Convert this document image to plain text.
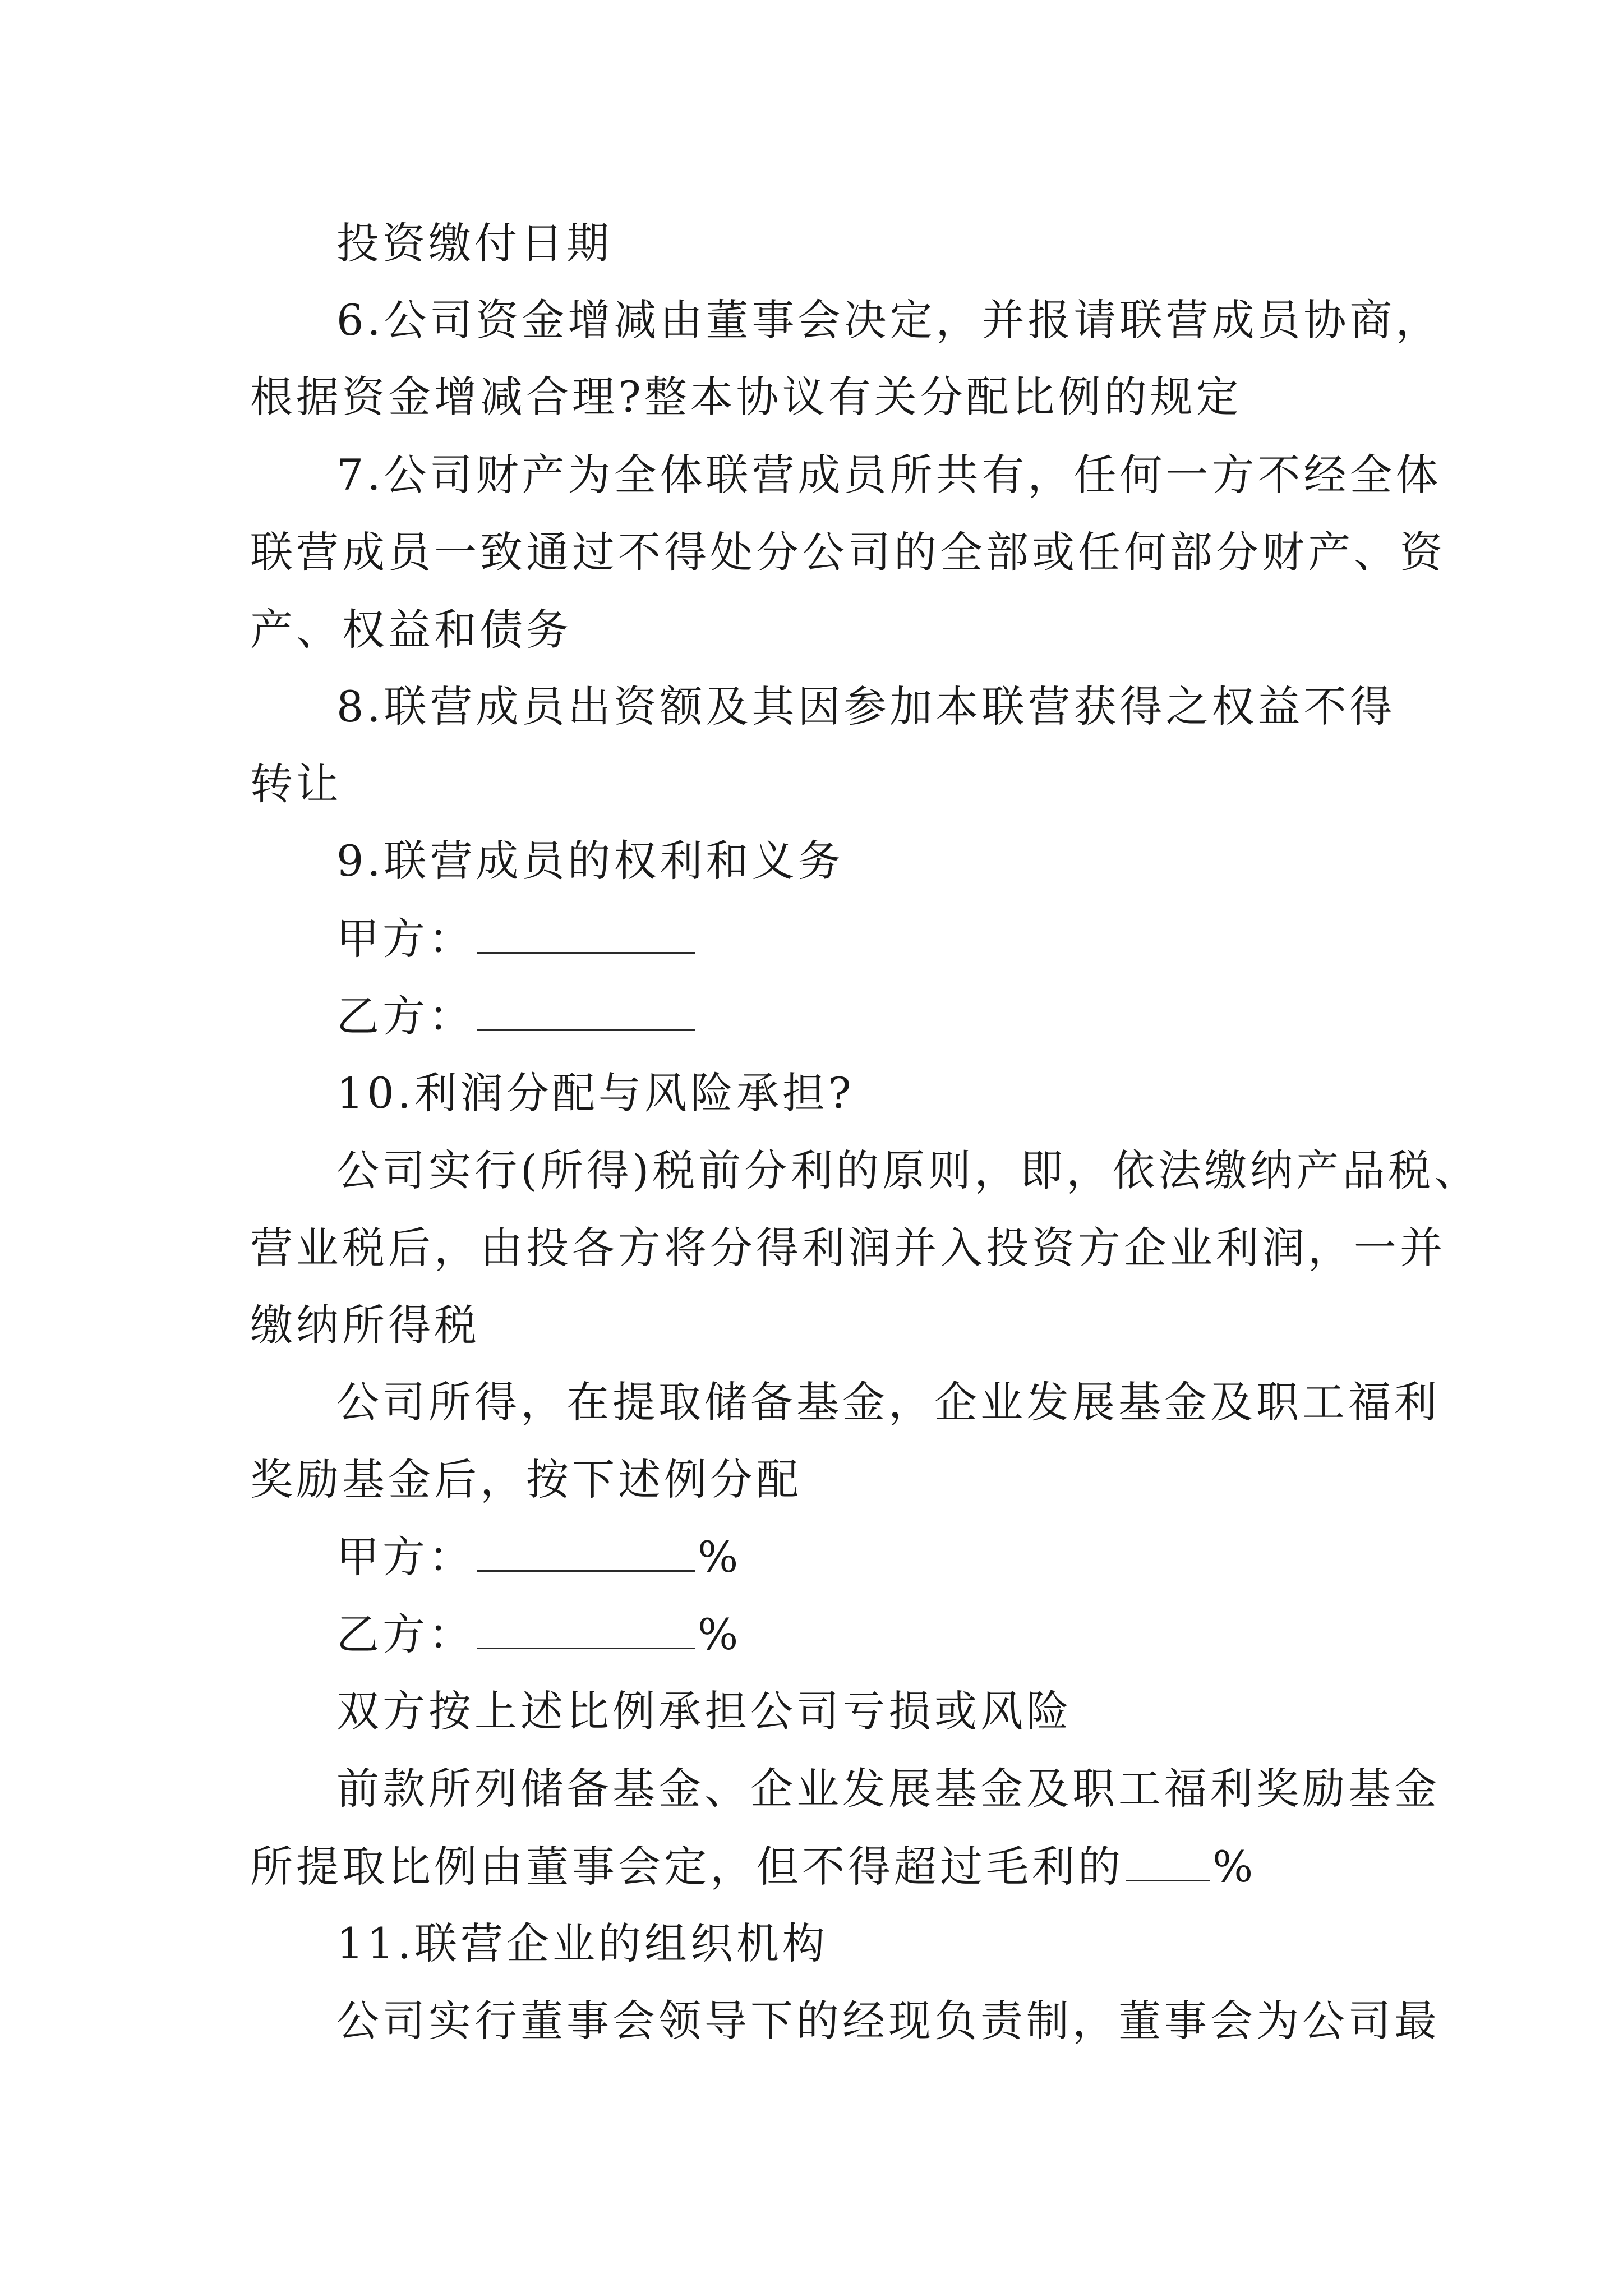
投资缴付日期
6.公司资金增减由董事会决定，并报请联营成员协商，
根据资金增减合理?整本协议有关分配比例的规定
7.公司财产为全体联营成员所共有，任何一方不经全体
联营成员一致通过不得处分公司的全部或任何部分财产、资
产、权益和债务
8.联营成员出资额及其因参加本联营获得之权益不得
转让
9.联营成员的权利和义务
甲方：
乙方：
10.利润分配与风险承担?
公司实行(所得)税前分利的原则，即，依法缴纳产品税、
营业税后，由投各方将分得利润并入投资方企业利润，一并
缴纳所得税
公司所得，在提取储备基金，企业发展基金及职工福利
奖励基金后，按下述例分配
甲方：	%
乙方：	%
双方按上述比例承担公司亏损或风险
前款所列储备基金、企业发展基金及职工福利奖励基金
所提取比例由董事会定，但不得超过毛利的 %
11.联营企业的组织机构
公司实行董事会领导下的经现负责制，董事会为公司最
